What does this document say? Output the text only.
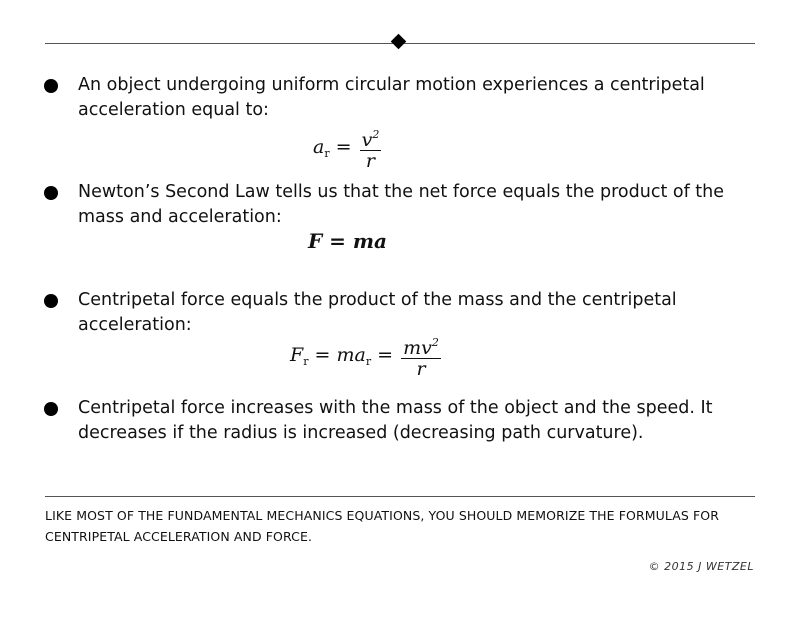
An object undergoing uniform circular motion experiences a centripetal acceleration equal to:
$a_r = \frac{v^2}{r}$
Newton’s Second Law tells us that the net force equals the product of the mass and acceleration:
F = ma
Centripetal force equals the product of the mass and the centripetal acceleration:
$F_r = ma_r = \frac{mv^2}{r}$
Centripetal force increases with the mass of the object and the speed. It decreases if the radius is increased (decreasing path curvature).
LIKE MOST OF THE FUNDAMENTAL MECHANICS EQUATIONS, YOU SHOULD MEMORIZE THE FORMULAS FOR CENTRIPETAL ACCELERATION AND FORCE.
© 2015 J WETZEL
